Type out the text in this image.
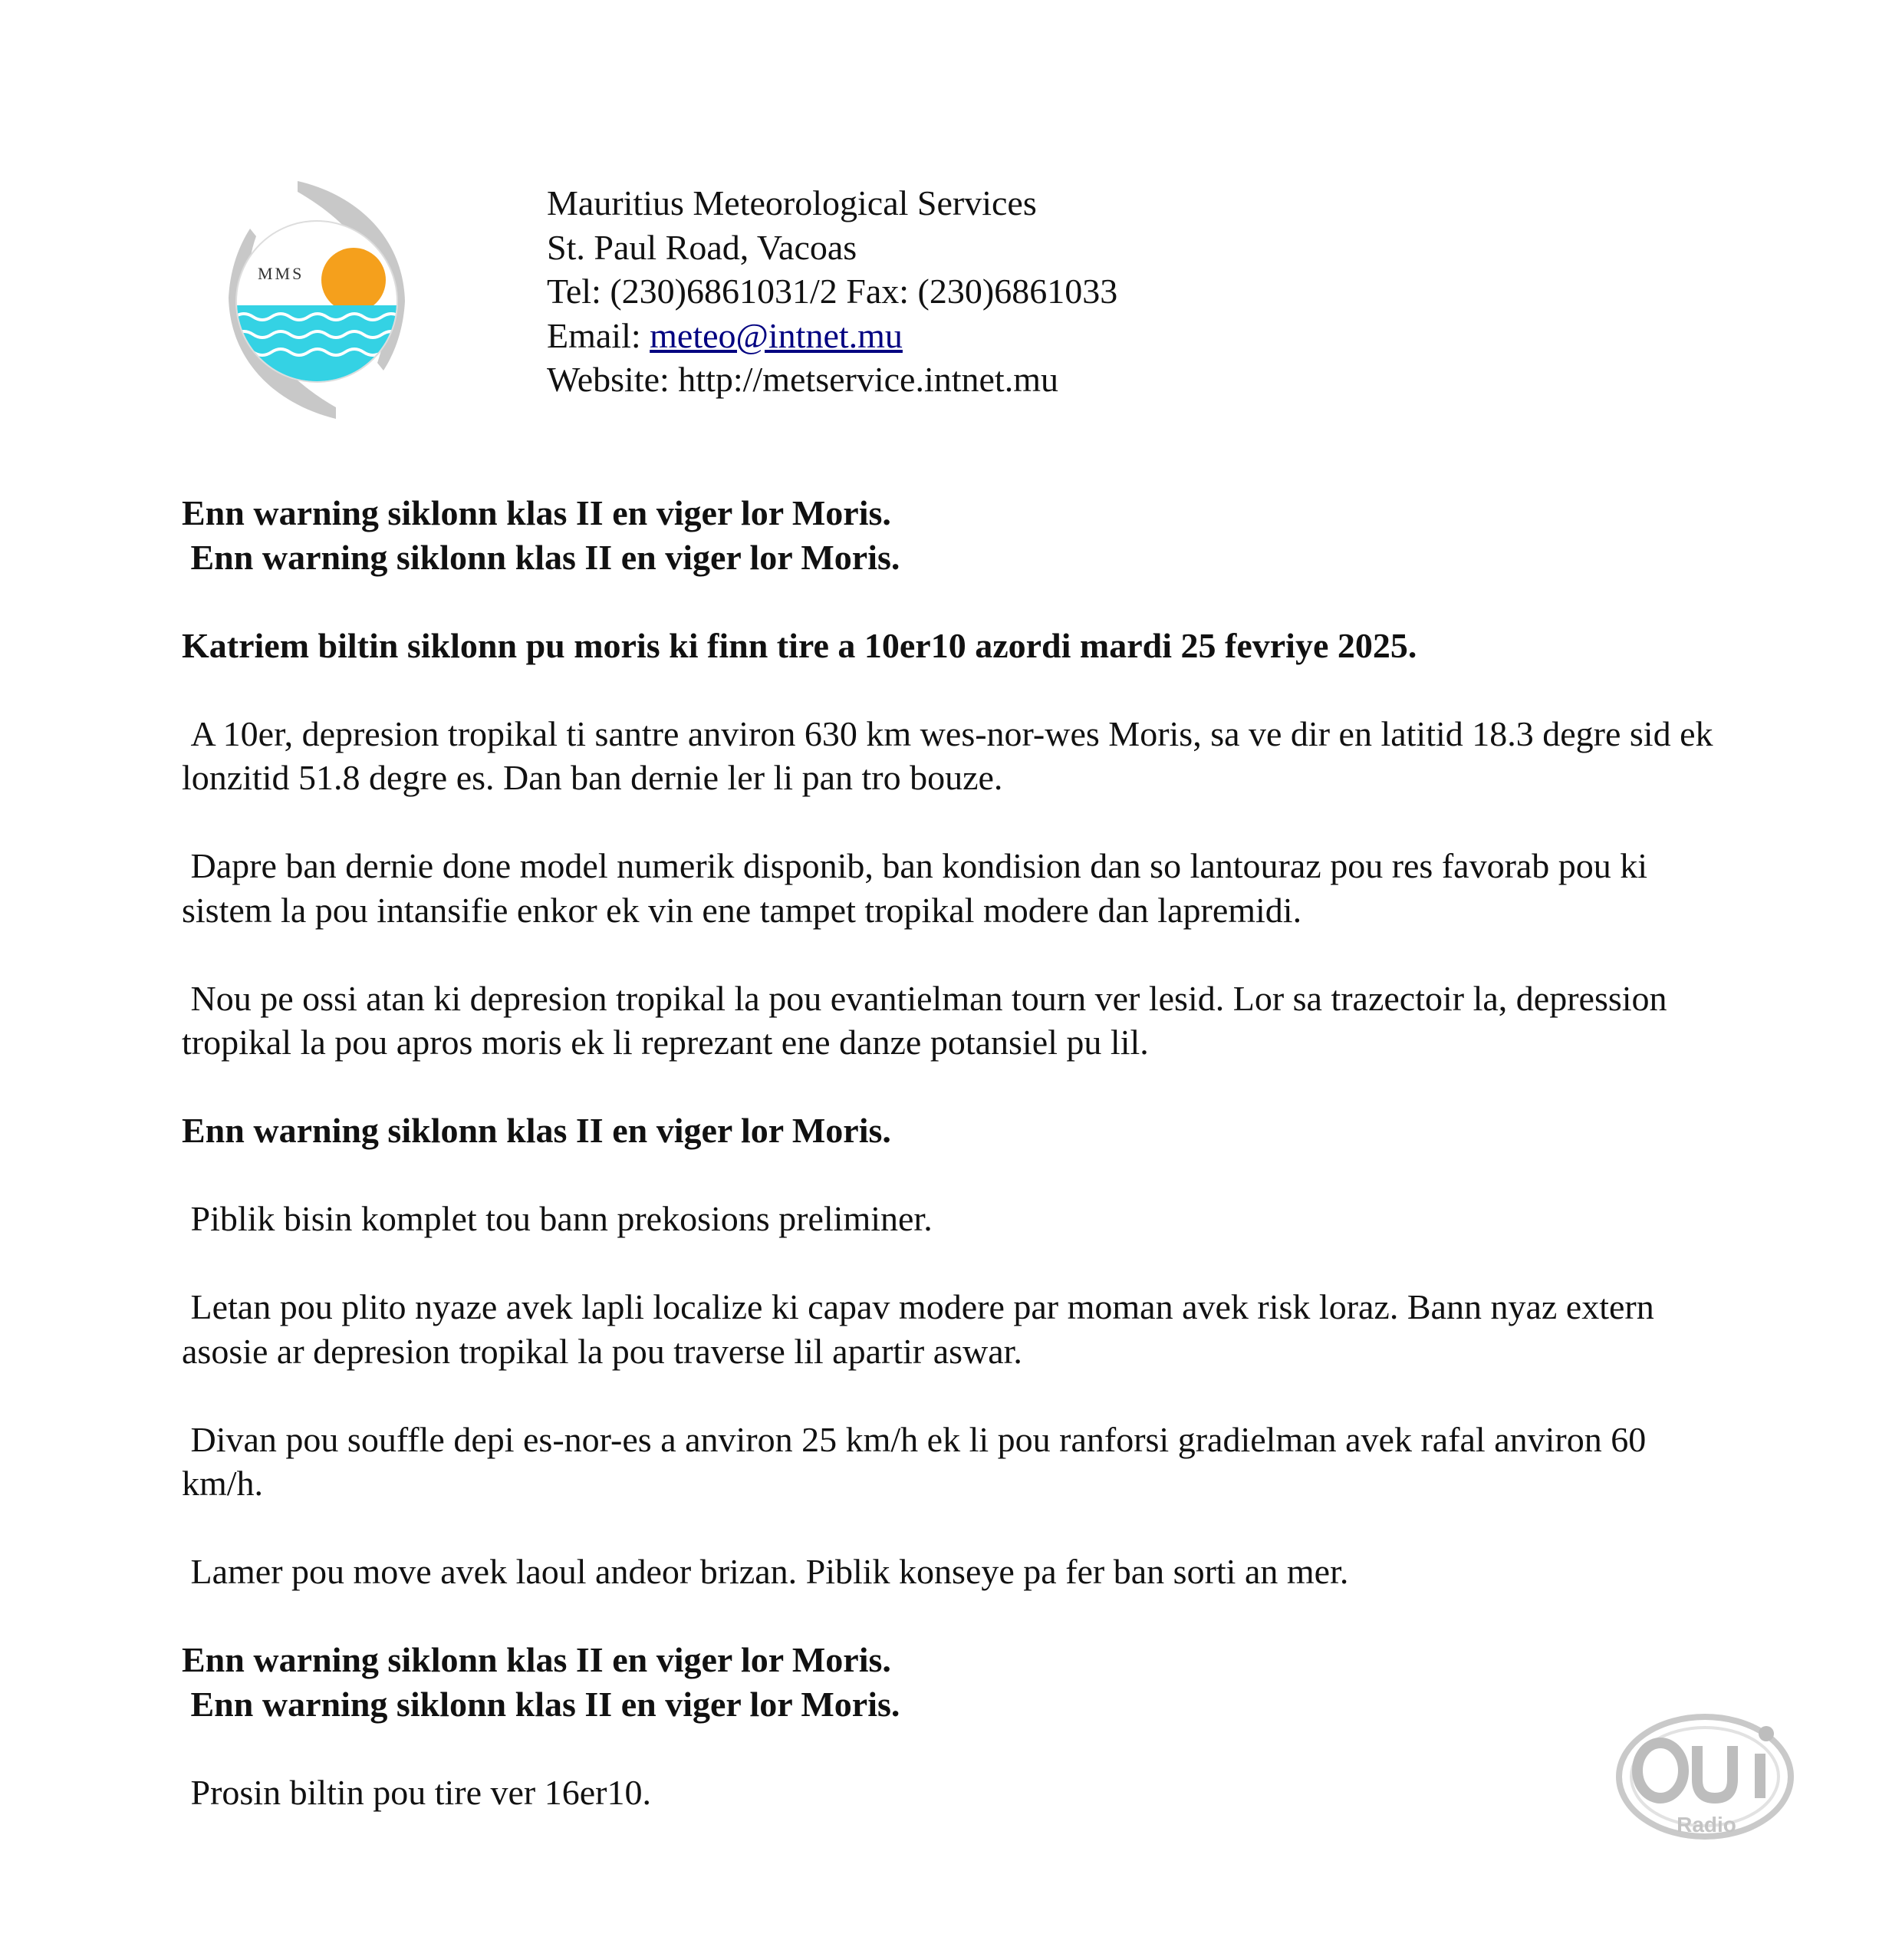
MMS
Mauritius Meteorological Services
St. Paul Road, Vacoas
Tel: (230)6861031/2 Fax: (230)6861033
Email: meteo@intnet.mu
Website: http://metservice.intnet.mu
Enn warning siklonn klas II en viger lor Moris.
Enn warning siklonn klas II en viger lor Moris.
Katriem biltin siklonn pu moris ki finn tire a 10er10 azordi mardi 25 fevriye 2025.
A 10er, depresion tropikal ti santre anviron 630 km wes-nor-wes Moris, sa ve dir en latitid 18.3 degre sid ek lonzitid 51.8 degre es. Dan ban dernie ler li pan tro bouze.
Dapre ban dernie done model numerik disponib, ban kondision dan so lantouraz pou res favorab pou ki sistem la pou intansifie enkor ek vin ene tampet tropikal modere dan lapremidi.
Nou pe ossi atan ki depresion tropikal la pou evantielman tourn ver lesid. Lor sa trazectoir la, depression tropikal la pou apros moris ek li reprezant ene danze potansiel pu lil.
Enn warning siklonn klas II en viger lor Moris.
Piblik bisin komplet tou bann prekosions preliminer.
Letan pou plito nyaze avek lapli localize ki capav modere par moman avek risk loraz. Bann nyaz extern asosie ar depresion tropikal la pou traverse lil apartir aswar.
Divan pou souffle depi es-nor-es a anviron 25 km/h ek li pou ranforsi gradielman avek rafal anviron 60 km/h.
Lamer pou move avek laoul andeor brizan. Piblik konseye pa fer ban sorti an mer.
Enn warning siklonn klas II en viger lor Moris.
Enn warning siklonn klas II en viger lor Moris.
Prosin biltin pou tire ver 16er10.
Radio
